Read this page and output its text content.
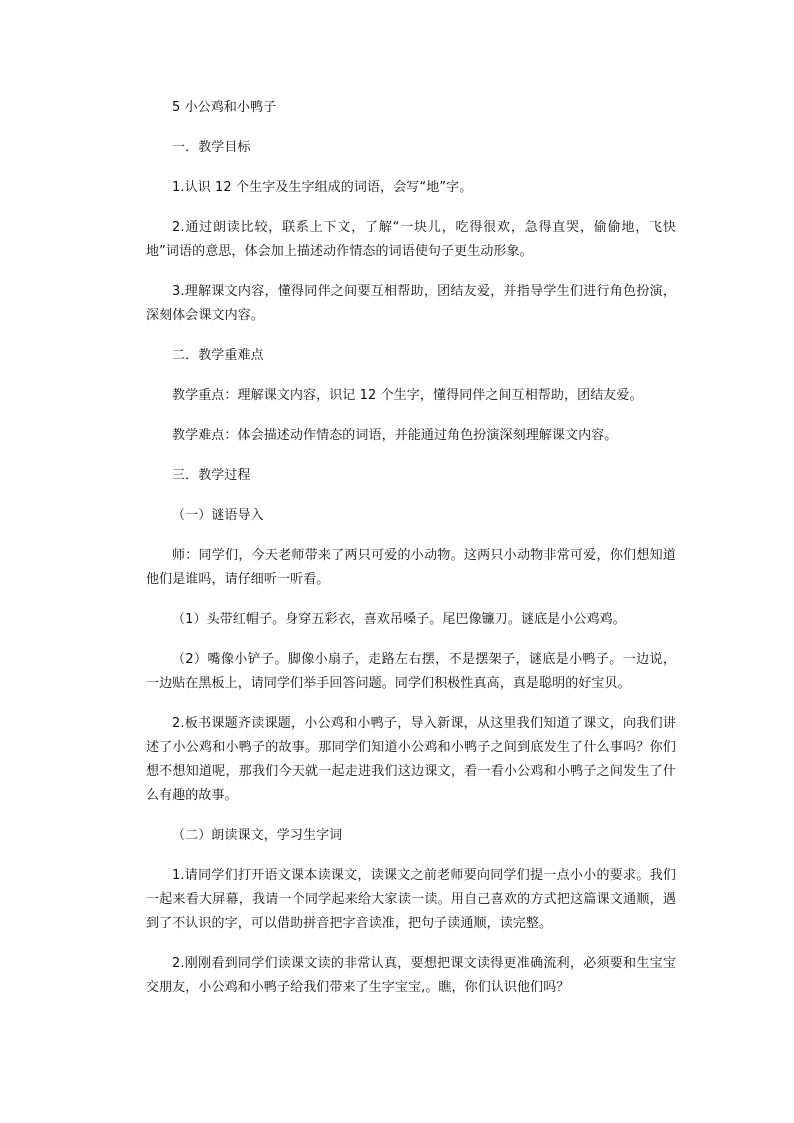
5 小公鸡和小鸭子

一．教学目标

1.认识 12 个生字及生字组成的词语，会写“地”字。

2.通过朗读比较，联系上下文，了解“一块儿，吃得很欢，急得直哭，偷偷地，飞快地”词语的意思，体会加上描述动作情态的词语使句子更生动形象。

3.理解课文内容，懂得同伴之间要互相帮助，团结友爱，并指导学生们进行角色扮演，深刻体会课文内容。

二．教学重难点

教学重点：理解课文内容，识记 12 个生字，懂得同伴之间互相帮助，团结友爱。

教学难点：体会描述动作情态的词语，并能通过角色扮演深刻理解课文内容。

三．教学过程

（一）谜语导入

师：同学们，今天老师带来了两只可爱的小动物。这两只小动物非常可爱，你们想知道他们是谁吗，请仔细听一听看。

（1）头带红帽子。身穿五彩衣，喜欢吊嗓子。尾巴像镰刀。谜底是小公鸡鸡。

（2）嘴像小铲子。脚像小扇子，走路左右摆，不是摆架子，谜底是小鸭子。一边说，一边贴在黑板上，请同学们举手回答问题。同学们积极性真高，真是聪明的好宝贝。

2.板书课题齐读课题，小公鸡和小鸭子，导入新课，从这里我们知道了课文，向我们讲述了小公鸡和小鸭子的故事。那同学们知道小公鸡和小鸭子之间到底发生了什么事吗？你们想不想知道呢，那我们今天就一起走进我们这边课文，看一看小公鸡和小鸭子之间发生了什么有趣的故事。

（二）朗读课文，学习生字词

1.请同学们打开语文课本读课文，读课文之前老师要向同学们提一点小小的要求。我们一起来看大屏幕，我请一个同学起来给大家读一读。用自己喜欢的方式把这篇课文通顺，遇到了不认识的字，可以借助拼音把字音读准，把句子读通顺，读完整。

2.刚刚看到同学们读课文读的非常认真，要想把课文读得更准确流利，必须要和生宝宝交朋友，小公鸡和小鸭子给我们带来了生字宝宝,。瞧，你们认识他们吗？
